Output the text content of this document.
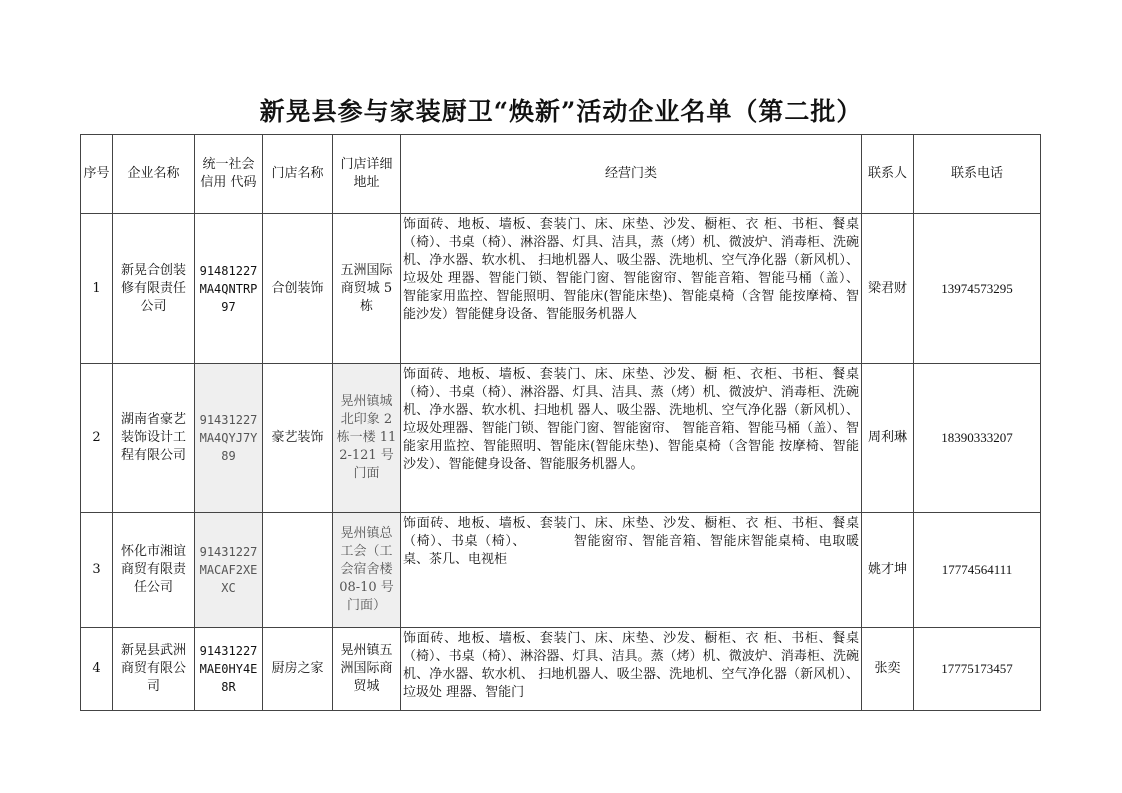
新晃县参与家装厨卫“焕新”活动企业名单（第二批）
序号	企业名称	统一社会信用 代码	门店名称	门店详细地址	经营门类	联系人	联系电话
1	新晃合创装修有限责任公司	91481227MA4QNTRP97	合创装饰	五洲国际商贸城 5 栋	饰面砖、地板、墙板、套装门、床、床垫、沙发、橱柜、衣 柜、书柜、餐桌（椅）、书桌（椅）、淋浴器、灯具、洁具，蒸（烤）机、微波炉、消毒柜、洗碗机、净水器、软水机、 扫地机器人、吸尘器、洗地机、空气净化器（新风机）、垃圾处 理器、智能门锁、智能门窗、智能窗帘、智能音箱、智能马桶（盖）、 智能家用监控、智能照明、智能床(智能床垫)、智能桌椅（含智 能按摩椅、智能沙发）智能健身设备、智能服务机器人	梁君财	13974573295
2	湖南省豪艺装饰设计工程有限公司	91431227MA4QYJ7Y89	豪艺装饰	晃州镇城北印象 2 栋一楼 112-121 号门面	饰面砖、地板、墙板、套装门、床、床垫、沙发、橱 柜、衣柜、书柜、餐桌（椅）、书桌（椅）、淋浴器、灯具、洁具、蒸（烤）机、微波炉、消毒柜、洗碗机、净水器、软水机、扫地机 器人、吸尘器、洗地机、空气净化器（新风机）、垃圾处理器、智能门锁、智能门窗、智能窗帘、 智能音箱、智能马桶（盖）、智能家用监控、智能照明、智能床(智能床垫)、智能桌椅（含智能 按摩椅、智能沙发）、智能健身设备、智能服务机器人。	周利琳	18390333207
3	怀化市湘谊商贸有限责任公司	91431227MACAF2XEXC		晃州镇总工会（工会宿舍楼 08-10 号门面）	饰面砖、地板、墙板、套装门、床、床垫、沙发、橱柜、衣 柜、书柜、餐桌（椅）、书桌（椅）、　　　　智能窗帘、智能音箱、智能床智能桌椅、电取暖桌、茶几、电视柜	姚才坤	17774564111
4	新晃县武洲商贸有限公司	91431227MAE0HY4E8R	厨房之家	晃州镇五洲国际商贸城	饰面砖、地板、墙板、套装门、床、床垫、沙发、橱柜、衣 柜、书柜、餐桌（椅）、书桌（椅）、淋浴器、灯具、洁具。蒸（烤）机、微波炉、消毒柜、洗碗机、净水器、软水机、 扫地机器人、吸尘器、洗地机、空气净化器（新风机）、垃圾处 理器、智能门	张奕	17775173457
